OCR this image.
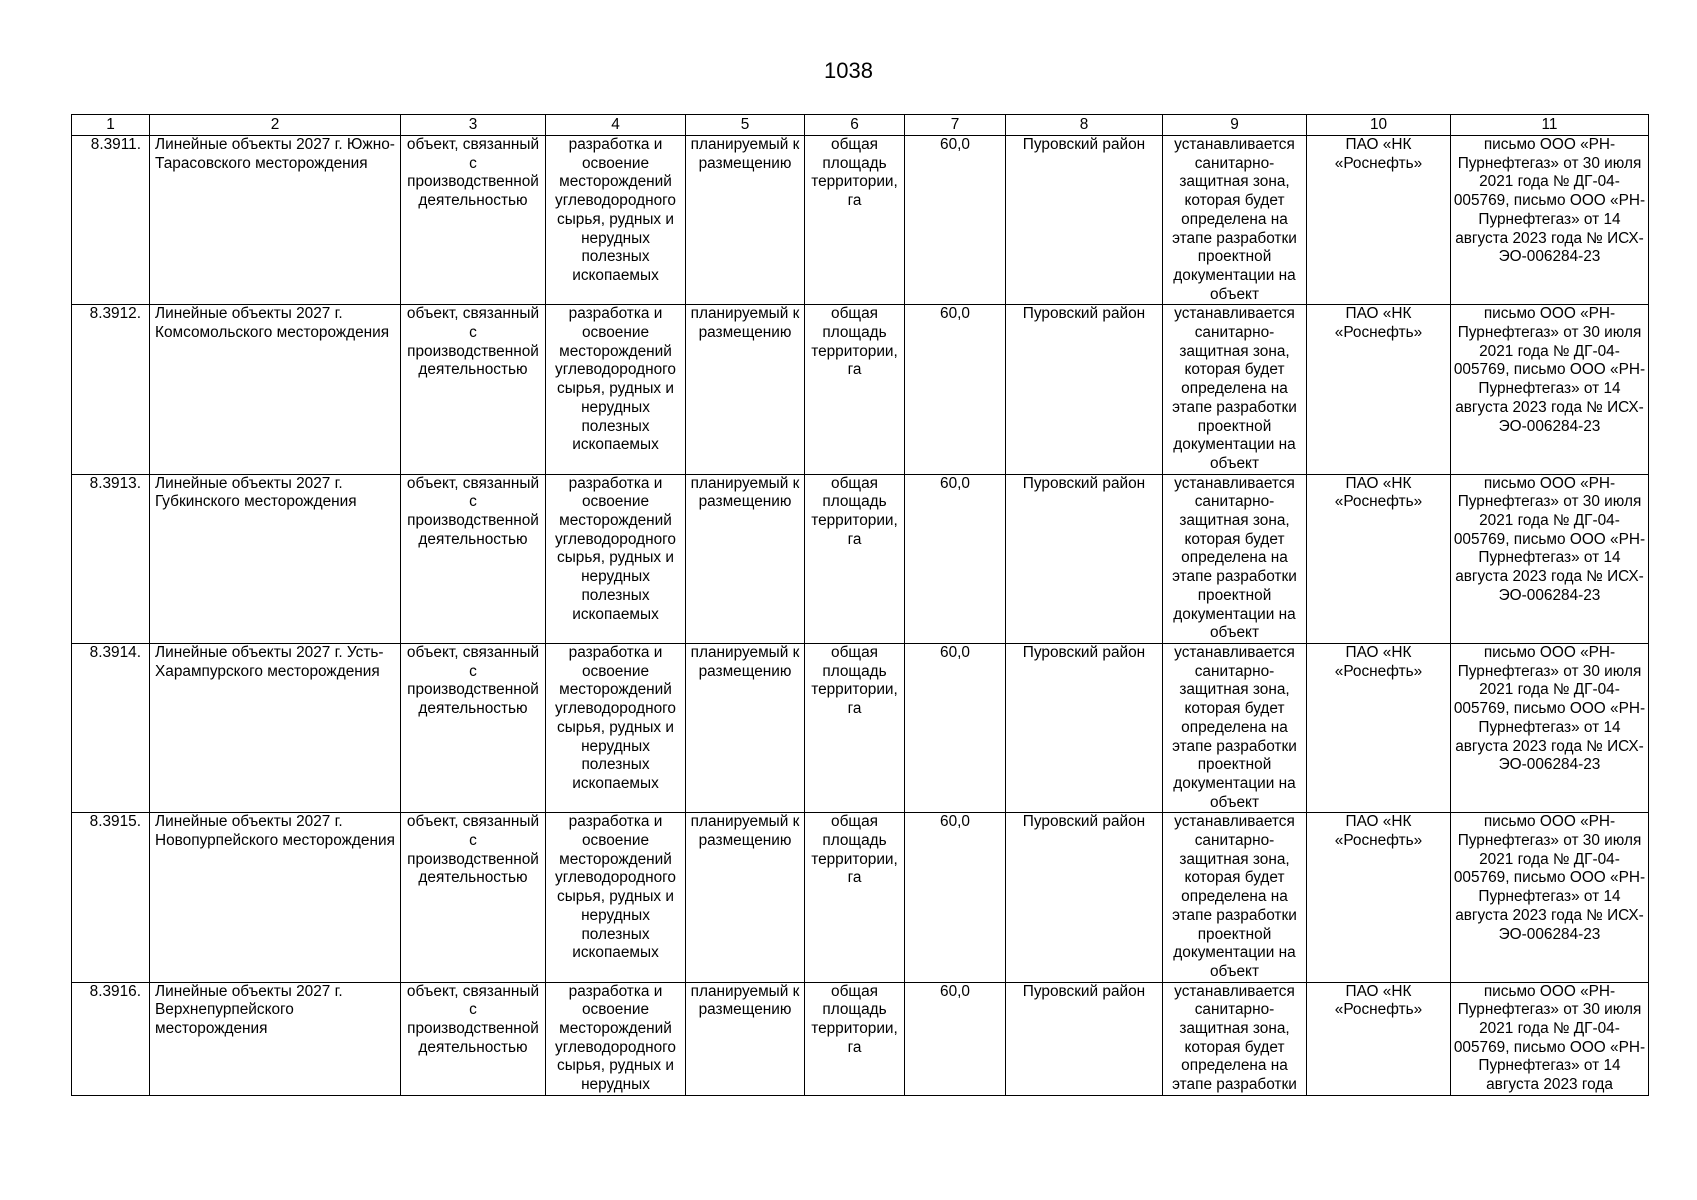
1038
1	2	3	4	5	6	7	8	9	10	11
8.3911.	Линейные объекты 2027 г. Южно-Тарасовского месторождения	объект, связанный с производственной деятельностью	разработка и освоение месторождений углеводородного сырья, рудных и нерудных полезных ископаемых	планируемый к размещению	общая площадь территории, га	60,0	Пуровский район	устанавливается санитарно-защитная зона, которая будет определена на этапе разработки проектной документации на объект	ПАО «НК «Роснефть»	письмо ООО «РН-Пурнефтегаз» от 30 июля 2021 года № ДГ-04-005769, письмо ООО «РН-Пурнефтегаз» от 14 августа 2023 года № ИСХ-ЭО-006284-23
8.3912.	Линейные объекты 2027 г. Комсомольского месторождения	объект, связанный с производственной деятельностью	разработка и освоение месторождений углеводородного сырья, рудных и нерудных полезных ископаемых	планируемый к размещению	общая площадь территории, га	60,0	Пуровский район	устанавливается санитарно-защитная зона, которая будет определена на этапе разработки проектной документации на объект	ПАО «НК «Роснефть»	письмо ООО «РН-Пурнефтегаз» от 30 июля 2021 года № ДГ-04-005769, письмо ООО «РН-Пурнефтегаз» от 14 августа 2023 года № ИСХ-ЭО-006284-23
8.3913.	Линейные объекты 2027 г. Губкинского месторождения	объект, связанный с производственной деятельностью	разработка и освоение месторождений углеводородного сырья, рудных и нерудных полезных ископаемых	планируемый к размещению	общая площадь территории, га	60,0	Пуровский район	устанавливается санитарно-защитная зона, которая будет определена на этапе разработки проектной документации на объект	ПАО «НК «Роснефть»	письмо ООО «РН-Пурнефтегаз» от 30 июля 2021 года № ДГ-04-005769, письмо ООО «РН-Пурнефтегаз» от 14 августа 2023 года № ИСХ-ЭО-006284-23
8.3914.	Линейные объекты 2027 г. Усть-Харампурского месторождения	объект, связанный с производственной деятельностью	разработка и освоение месторождений углеводородного сырья, рудных и нерудных полезных ископаемых	планируемый к размещению	общая площадь территории, га	60,0	Пуровский район	устанавливается санитарно-защитная зона, которая будет определена на этапе разработки проектной документации на объект	ПАО «НК «Роснефть»	письмо ООО «РН-Пурнефтегаз» от 30 июля 2021 года № ДГ-04-005769, письмо ООО «РН-Пурнефтегаз» от 14 августа 2023 года № ИСХ-ЭО-006284-23
8.3915.	Линейные объекты 2027 г. Новопурпейского месторождения	объект, связанный с производственной деятельностью	разработка и освоение месторождений углеводородного сырья, рудных и нерудных полезных ископаемых	планируемый к размещению	общая площадь территории, га	60,0	Пуровский район	устанавливается санитарно-защитная зона, которая будет определена на этапе разработки проектной документации на объект	ПАО «НК «Роснефть»	письмо ООО «РН-Пурнефтегаз» от 30 июля 2021 года № ДГ-04-005769, письмо ООО «РН-Пурнефтегаз» от 14 августа 2023 года № ИСХ-ЭО-006284-23
8.3916.	Линейные объекты 2027 г. Верхнепурпейского месторождения	объект, связанный с производственной деятельностью	разработка и освоение месторождений углеводородного сырья, рудных и нерудных	планируемый к размещению	общая площадь территории, га	60,0	Пуровский район	устанавливается санитарно-защитная зона, которая будет определена на этапе разработки	ПАО «НК «Роснефть»	письмо ООО «РН-Пурнефтегаз» от 30 июля 2021 года № ДГ-04-005769, письмо ООО «РН-Пурнефтегаз» от 14 августа 2023 года
